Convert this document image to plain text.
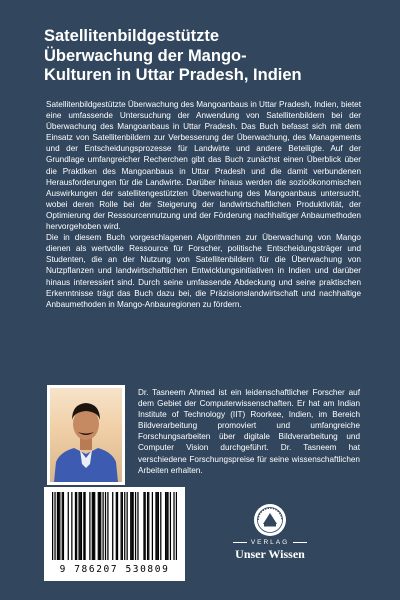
Satellitenbildgestützte
Überwachung der Mango-
Kulturen in Uttar Pradesh, Indien

Satellitenbildgestützte Überwachung des Mangoanbaus in Uttar Pradesh, Indien, bietet eine umfassende Untersuchung der Anwendung von Satellitenbildern bei der Überwachung des Mangoanbaus in Uttar Pradesh. Das Buch befasst sich mit dem Einsatz von Satellitenbildern zur Verbesserung der Überwachung, des Managements und der Entscheidungsprozesse für Landwirte und andere Beteiligte. Auf der Grundlage umfangreicher Recherchen gibt das Buch zunächst einen Überblick über die Praktiken des Mangoanbaus in Uttar Pradesh und die damit verbundenen Herausforderungen für die Landwirte. Darüber hinaus werden die sozioökonomischen Auswirkungen der satellitengestützten Überwachung des Mangoanbaus untersucht, wobei deren Rolle bei der Steigerung der landwirtschaftlichen Produktivität, der Optimierung der Ressourcennutzung und der Förderung nachhaltiger Anbaumethoden hervorgehoben wird.

Die in diesem Buch vorgeschlagenen Algorithmen zur Überwachung von Mango dienen als wertvolle Ressource für Forscher, politische Entscheidungsträger und Studenten, die an der Nutzung von Satellitenbildern für die Überwachung von Nutzpflanzen und landwirtschaftlichen Entwicklungsinitiativen in Indien und darüber hinaus interessiert sind. Durch seine umfassende Abdeckung und seine praktischen Erkenntnisse trägt das Buch dazu bei, die Präzisionslandwirtschaft und nachhaltige Anbaumethoden in Mango-Anbauregionen zu fördern.

Dr. Tasneem Ahmed ist ein leidenschaftlicher Forscher auf dem Gebiet der Computerwissenschaften. Er hat am Indian Institute of Technology (IIT) Roorkee, Indien, im Bereich Bildverarbeitung promoviert und umfangreiche Forschungsarbeiten über digitale Bildverarbeitung und Computer Vision durchgeführt. Dr. Tasneem hat verschiedene Forschungspreise für seine wissenschaftlichen Arbeiten erhalten.

9 786207 530809
VERLAG
Unser Wissen
